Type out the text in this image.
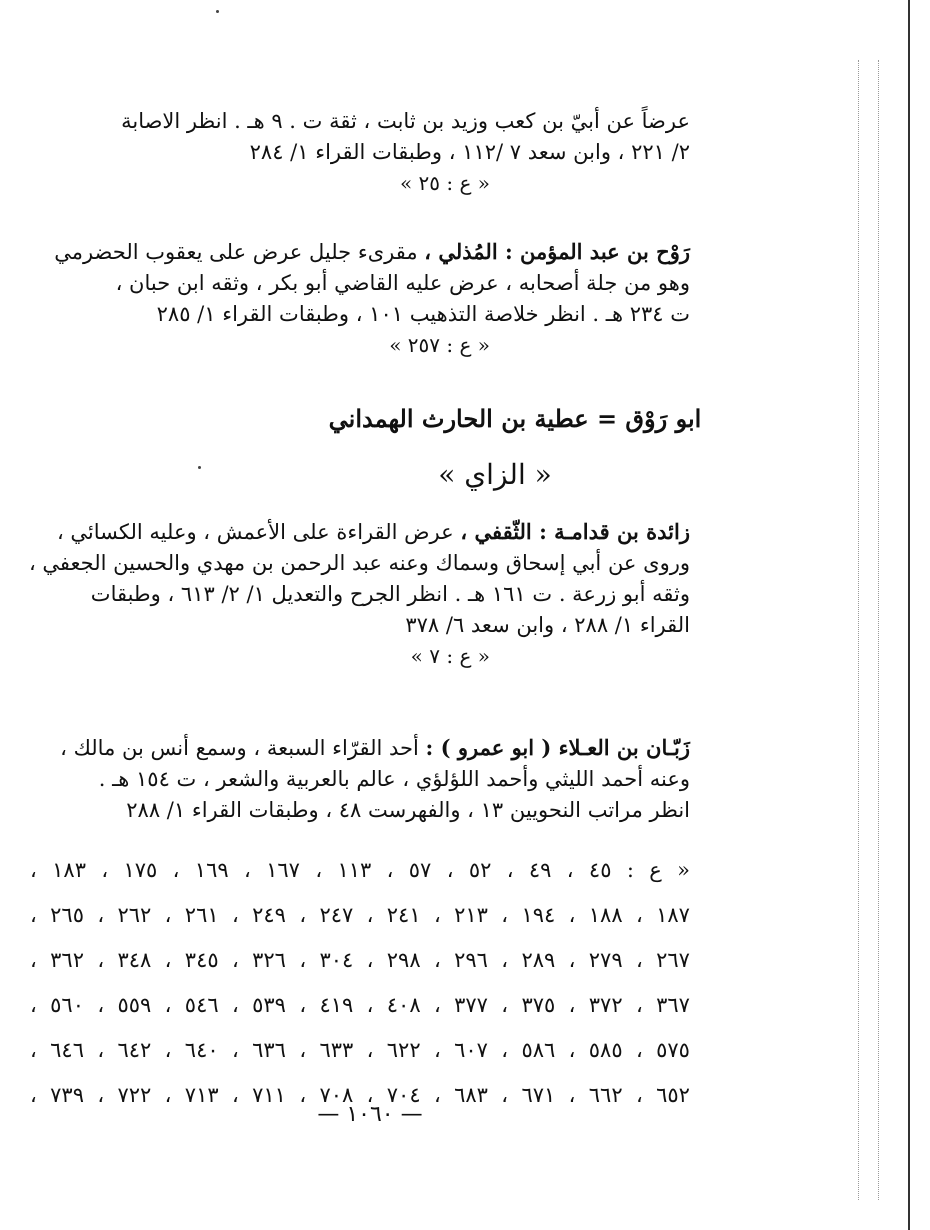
عرضاً عن أبيّ بن كعب وزيد بن ثابت ، ثقة ت . ٩ هـ . انظر الاصابة
٢/ ٢٢١ ، وابن سعد ٧ /١١٢ ، وطبقات القراء ١/ ٢٨٤
« ع : ٢٥ »
رَوْح بن عبد المؤمن : المُذلي ، مقرىء جليل عرض على يعقوب الحضرمي
وهو من جلة أصحابه ، عرض عليه القاضي أبو بكر ، وثقه ابن حبان ،
ت ٢٣٤ هـ . انظر خلاصة التذهيب ١٠١ ، وطبقات القراء ١/ ٢٨٥
« ع : ٢٥٧ »
ابو رَوْق = عطية بن الحارث الهمداني
« الزاي »
زائدة بن قدامـة : الثّقفي ، عرض القراءة على الأعمش ، وعليه الكسائي ،
وروى عن أبي إسحاق وسماك وعنه عبد الرحمن بن مهدي والحسين الجعفي ،
وثقه أبو زرعة . ت ١٦١ هـ . انظر الجرح والتعديل ١/ ٢/ ٦١٣ ، وطبقات
القراء ١/ ٢٨٨ ، وابن سعد ٦/ ٣٧٨
« ع : ٧ »
زَبّـان بن العـلاء ( ابو عمرو ) : أحد القرّاء السبعة ، وسمع أنس بن مالك ،
وعنه أحمد الليثي وأحمد اللؤلؤي ، عالم بالعربية والشعر ، ت ١٥٤ هـ .
انظر مراتب النحويين ١٣ ، والفهرست ٤٨ ، وطبقات القراء ١/ ٢٨٨
« ع : ٤٥ ، ٤٩ ، ٥٢ ، ٥٧ ، ١١٣ ، ١٦٧ ، ١٦٩ ، ١٧٥ ، ١٨٣ ،
١٨٧ ، ١٨٨ ، ١٩٤ ، ٢١٣ ، ٢٤١ ، ٢٤٧ ، ٢٤٩ ، ٢٦١ ، ٢٦٢ ، ٢٦٥ ،
٢٦٧ ، ٢٧٩ ، ٢٨٩ ، ٢٩٦ ، ٢٩٨ ، ٣٠٤ ، ٣٢٦ ، ٣٤٥ ، ٣٤٨ ، ٣٦٢ ،
٣٦٧ ، ٣٧٢ ، ٣٧٥ ، ٣٧٧ ، ٤٠٨ ، ٤١٩ ، ٥٣٩ ، ٥٤٦ ، ٥٥٩ ، ٥٦٠ ،
٥٧٥ ، ٥٨٥ ، ٥٨٦ ، ٦٠٧ ، ٦٢٢ ، ٦٣٣ ، ٦٣٦ ، ٦٤٠ ، ٦٤٢ ، ٦٤٦ ،
٦٥٢ ، ٦٦٢ ، ٦٧١ ، ٦٨٣ ، ٧٠٤ ، ٧٠٨ ، ٧١١ ، ٧١٣ ، ٧٢٢ ، ٧٣٩ ،
— ١٠٦٠ —
